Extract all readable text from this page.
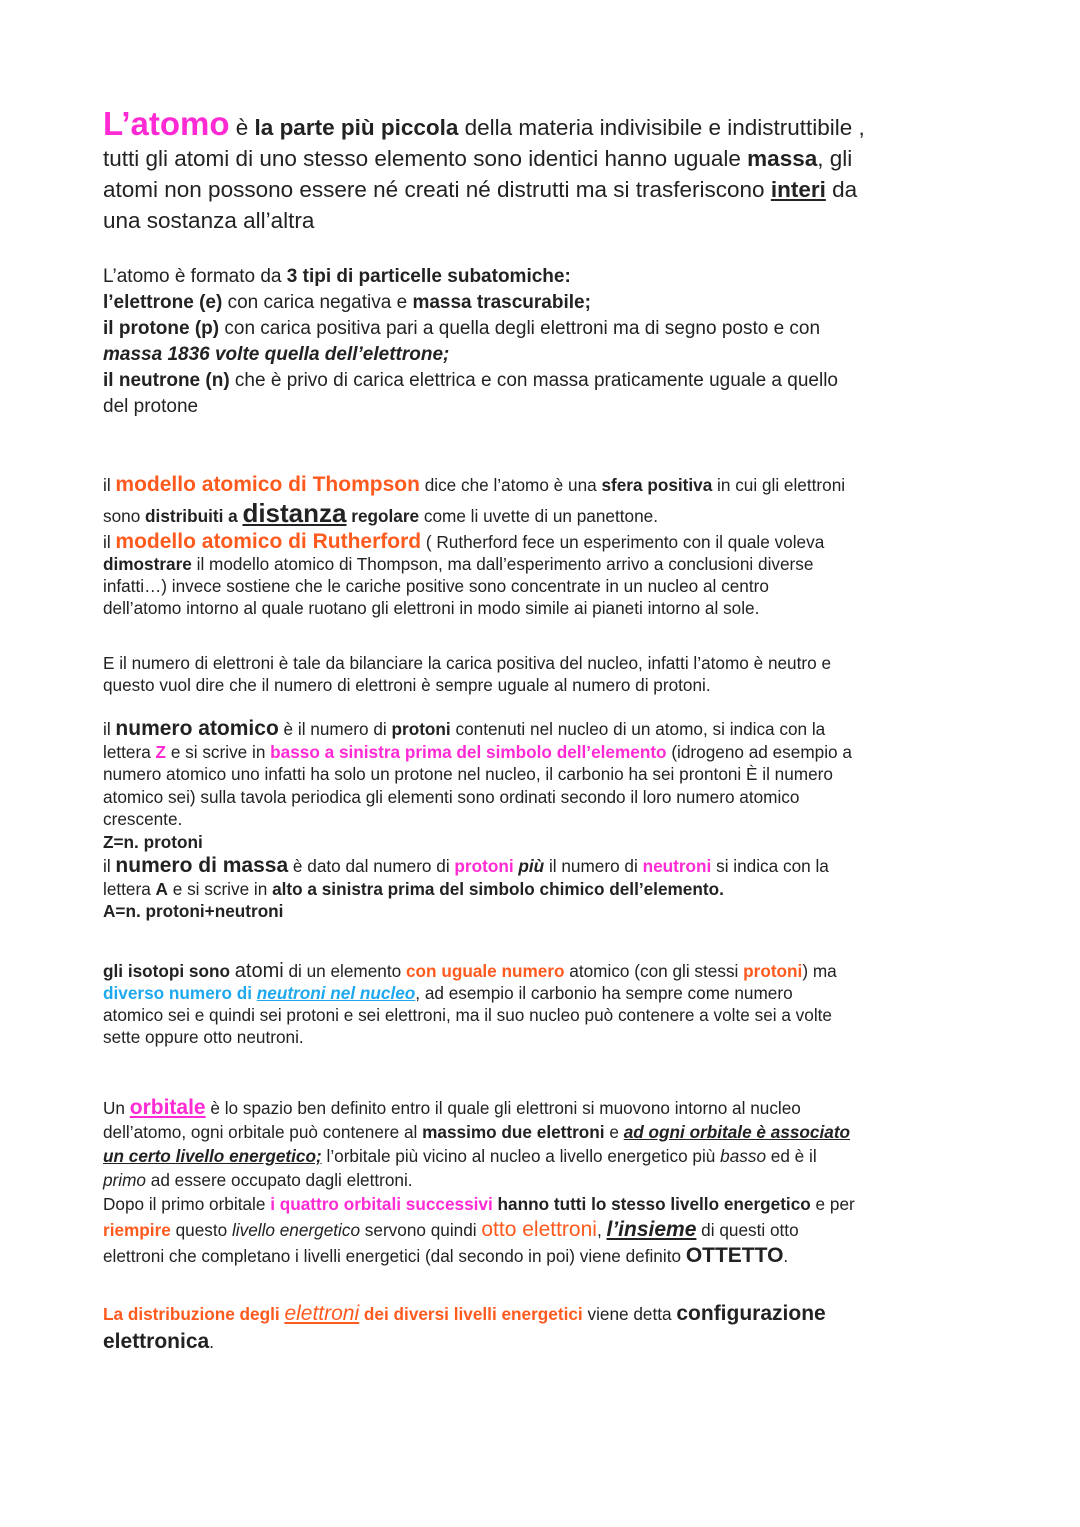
L’atomo è la parte più piccola della materia indivisibile e indistruttibile ,
tutti gli atomi di uno stesso elemento sono identici hanno uguale massa, gli
atomi non possono essere né creati né distrutti ma si trasferiscono interi da
una sostanza all’altra
L’atomo è formato da 3 tipi di particelle subatomiche:
l’elettrone (e) con carica negativa e massa trascurabile;
il protone (p) con carica positiva pari a quella degli elettroni ma di segno posto e con
massa 1836 volte quella dell’elettrone;
il neutrone (n) che è privo di carica elettrica e con massa praticamente uguale a quello
del protone
il modello atomico di Thompson dice che l’atomo è una sfera positiva in cui gli elettroni
sono distribuiti a distanza regolare come li uvette di un panettone.
il modello atomico di Rutherford ( Rutherford fece un esperimento con il quale voleva
dimostrare il modello atomico di Thompson, ma dall’esperimento arrivo a conclusioni diverse
infatti…) invece sostiene che le cariche positive sono concentrate in un nucleo al centro
dell’atomo intorno al quale ruotano gli elettroni in modo simile ai pianeti intorno al sole.
E il numero di elettroni è tale da bilanciare la carica positiva del nucleo, infatti l’atomo è neutro e
questo vuol dire che il numero di elettroni è sempre uguale al numero di protoni.
il numero atomico è il numero di protoni contenuti nel nucleo di un atomo, si indica con la
lettera Z e si scrive in basso a sinistra prima del simbolo dell’elemento (idrogeno ad esempio a
numero atomico uno infatti ha solo un protone nel nucleo, il carbonio ha sei prontoni È il numero
atomico sei) sulla tavola periodica gli elementi sono ordinati secondo il loro numero atomico
crescente.
Z=n. protoni
il numero di massa è dato dal numero di protoni più il numero di neutroni si indica con la
lettera A e si scrive in alto a sinistra prima del simbolo chimico dell’elemento.
A=n. protoni+neutroni
gli isotopi sono atomi di un elemento con uguale numero atomico (con gli stessi protoni) ma
diverso numero di neutroni nel nucleo, ad esempio il carbonio ha sempre come numero
atomico sei e quindi sei protoni e sei elettroni, ma il suo nucleo può contenere a volte sei a volte
sette oppure otto neutroni.
Un orbitale è lo spazio ben definito entro il quale gli elettroni si muovono intorno al nucleo
dell’atomo, ogni orbitale può contenere al massimo due elettroni e ad ogni orbitale è associato
un certo livello energetico; l’orbitale più vicino al nucleo a livello energetico più basso ed è il
primo ad essere occupato dagli elettroni.
Dopo il primo orbitale i quattro orbitali successivi hanno tutti lo stesso livello energetico e per
riempire questo livello energetico servono quindi otto elettroni, l’insieme di questi otto
elettroni che completano i livelli energetici (dal secondo in poi) viene definito OTTETTO.
La distribuzione degli elettroni dei diversi livelli energetici viene detta configurazione
elettronica.
